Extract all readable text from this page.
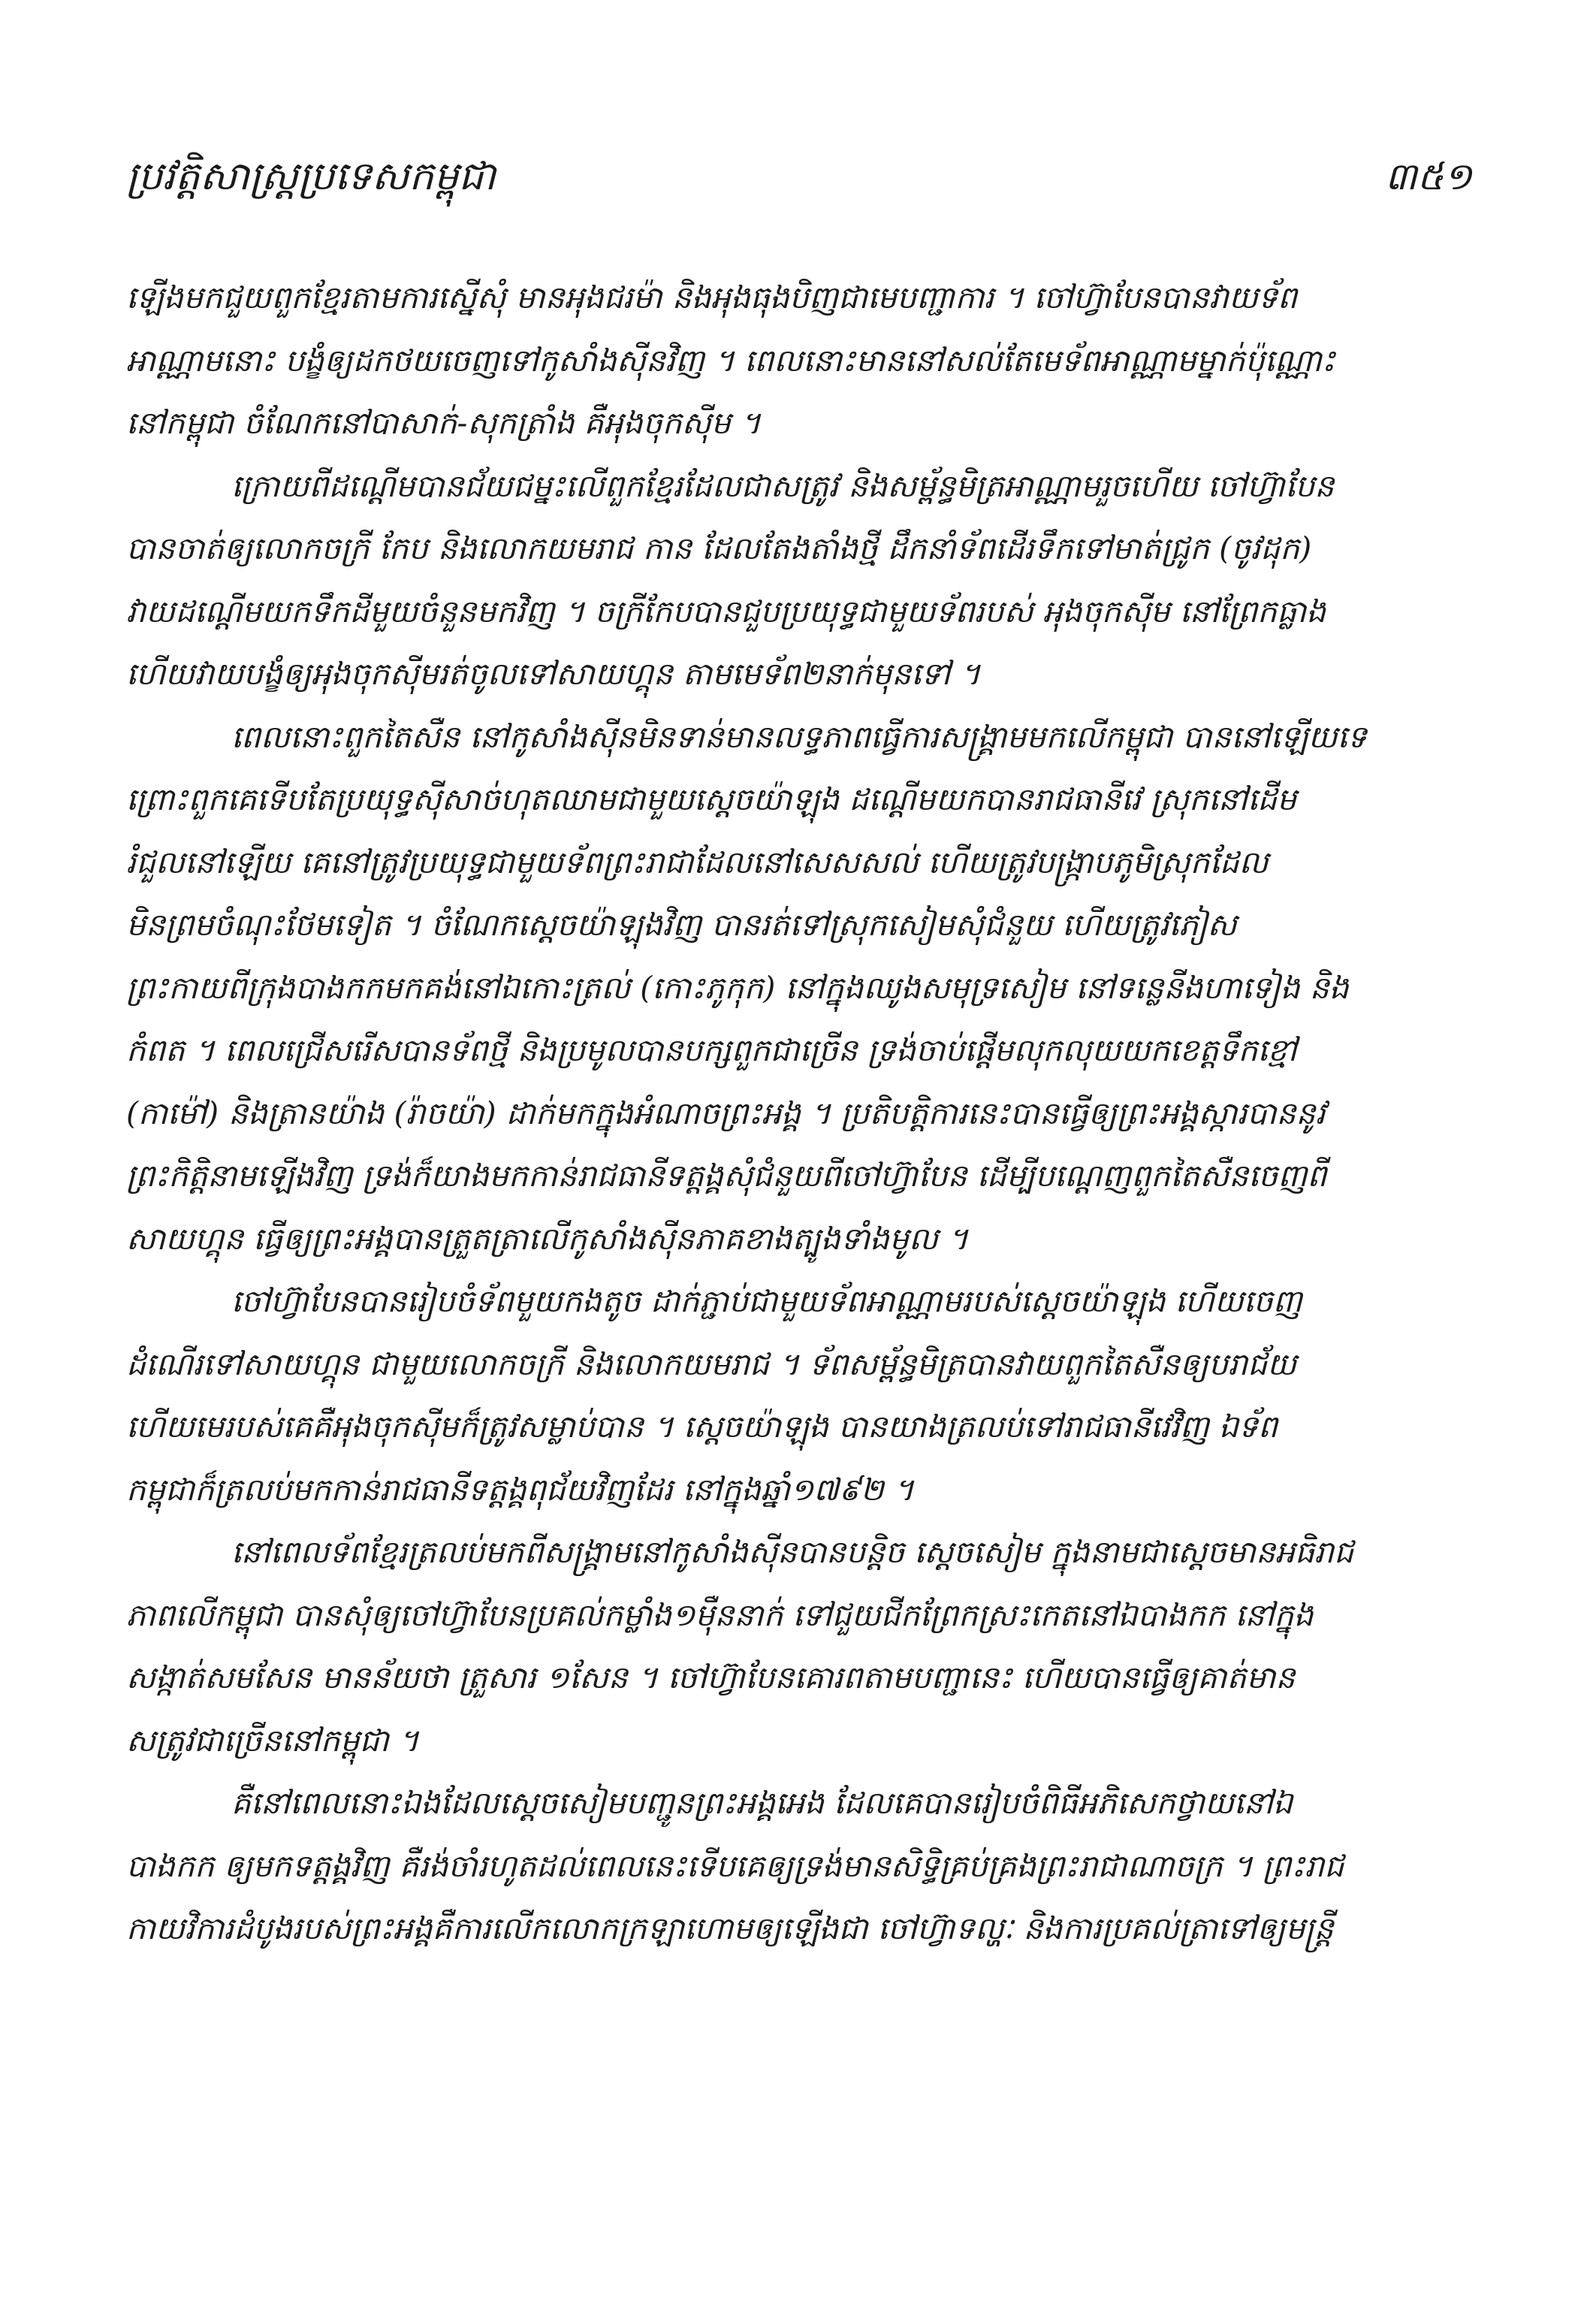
ប្រវត្តិសាស្ត្រប្រទេសកម្ពុជា	៣៥១
ឡើងមកជួយពួកខ្មែរតាមការស្នើសុំ មានអុងជរម៉ា និងអុងធុងបិញជាមេបញ្ជាការ ។ ចៅហ៊្វាបែនបានវាយទ័ព
អាណ្ណាមនោះ បង្ខំឲ្យដកថយចេញទៅកូសាំងស៊ីនវិញ ។ ពេលនោះមាននៅសល់តែមេទ័ពអាណ្ណាមម្នាក់ប៉ុណ្ណោះ
នៅកម្ពុជា ចំណែកនៅបាសាក់-សុកត្រាំង គឺអុងចុកស៊ីម ។
ក្រោយពីដណ្តើមបានជ័យជម្នះលើពួកខ្មែរដែលជាសត្រូវ និងសម្ព័ន្ធមិត្រអាណ្ណាមរួចហើយ ចៅហ៊្វាបែន
បានចាត់ឲ្យលោកចក្រី កែប និងលោកយមរាជ កាន ដែលតែងតាំងថ្មី ដឹកនាំទ័ពដើរទឹកទៅមាត់ជ្រូក (ចូវដុក)
វាយដណ្តើមយកទឹកដីមួយចំនួនមកវិញ ។ ចក្រីកែបបានជួបប្រយុទ្ធជាមួយទ័ពរបស់ អុងចុកស៊ីម នៅព្រែកធ្លាង
ហើយវាយបង្ខំឲ្យអុងចុកស៊ីមរត់ចូលទៅសាយហ្គុន តាមមេទ័ព២នាក់មុនទៅ ។
ពេលនោះពួកតៃសឺន នៅកូសាំងស៊ីនមិនទាន់មានលទ្ធភាពធ្វើការសង្គ្រាមមកលើកម្ពុជា បាននៅឡើយទេ
ព្រោះពួកគេទើបតែប្រយុទ្ធស៊ីសាច់ហុតឈាមជាមួយស្តេចយ៉ាឡុង ដណ្តើមយកបានរាជធានីវេ ស្រុកនៅដើម
រំជួលនៅឡើយ គេនៅត្រូវប្រយុទ្ធជាមួយទ័ពព្រះរាជាដែលនៅសេសសល់ ហើយត្រូវបង្ក្រាបភូមិស្រុកដែល
មិនព្រមចំណុះថែមទៀត ។ ចំណែកស្តេចយ៉ាឡុងវិញ បានរត់ទៅស្រុកសៀមសុំជំនួយ ហើយត្រូវភៀស
ព្រះកាយពីក្រុងបាងកកមកគង់នៅឯកោះត្រល់ (កោះភូកុក) នៅក្នុងឈូងសមុទ្រសៀម នៅទន្លេនីងហាទៀង និង
កំពត ។ ពេលជ្រើសរើសបានទ័ពថ្មី និងប្រមូលបានបក្សពួកជាច្រើន ទ្រង់ចាប់ផ្តើមលុកលុយយកខេត្តទឹកខ្មៅ
(កាម៉ៅ) និងត្រានយ៉ាង (រ៉ាចយ៉ា) ដាក់មកក្នុងអំណាចព្រះអង្គ ។ ប្រតិបត្តិការនេះបានធ្វើឲ្យព្រះអង្គស្ការបាននូវ
ព្រះកិត្តិនាមឡើងវិញ ទ្រង់ក៏យាងមកកាន់រាជធានីទត្តង្គសុំជំនួយពីចៅហ៊្វាបែន ដើម្បីបណ្តេញពួកតៃសឺនចេញពី
សាយហ្គុន ធ្វើឲ្យព្រះអង្គបានត្រួតត្រាលើកូសាំងស៊ីនភាគខាងត្បូងទាំងមូល ។
ចៅហ៊្វាបែនបានរៀបចំទ័ពមួយកងតូច ដាក់ភ្ជាប់ជាមួយទ័ពអាណ្ណាមរបស់ស្តេចយ៉ាឡុង ហើយចេញ
ដំណើរទៅសាយហ្គុន ជាមួយលោកចក្រី និងលោកយមរាជ ។ ទ័ពសម្ព័ន្ធមិត្របានវាយពួកតៃសឺនឲ្យបរាជ័យ
ហើយមេរបស់គេគឺអុងចុកស៊ីមក៏ត្រូវសម្លាប់បាន ។ ស្តេចយ៉ាឡុង បានយាងត្រលប់ទៅរាជធានីវេវិញ ឯទ័ព
កម្ពុជាក៏ត្រលប់មកកាន់រាជធានីទត្តង្គពុជ័យវិញដែរ នៅក្នុងឆ្នាំ១៧៩២ ។
នៅពេលទ័ពខ្មែរត្រលប់មកពីសង្គ្រាមនៅកូសាំងស៊ីនបានបន្តិច ស្តេចសៀម ក្នុងនាមជាស្តេចមានអធិរាជ
ភាពលើកម្ពុជា បានសុំឲ្យចៅហ៊្វាបែនប្រគល់កម្លាំង១ម៉ឺននាក់ ទៅជួយជីកព្រែកស្រះកេតនៅឯបាងកក នៅក្នុង
សង្កាត់សមសែន មានន័យថា ត្រួសារ ១សែន ។ ចៅហ៊្វាបែនគោរពតាមបញ្ជានេះ ហើយបានធ្វើឲ្យគាត់មាន
សត្រូវជាច្រើននៅកម្ពុជា ។
គឺនៅពេលនោះឯងដែលស្តេចសៀមបញ្ជូនព្រះអង្គអេង ដែលគេបានរៀបចំពិធីអភិសេកថ្វាយនៅឯ
បាងកក ឲ្យមកទត្តង្គវិញ គឺរង់ចាំរហូតដល់ពេលនេះទើបគេឲ្យទ្រង់មានសិទ្ធិគ្រប់គ្រងព្រះរាជាណាចក្រ ។ ព្រះរាជ
កាយវិការដំបូងរបស់ព្រះអង្គគឺការលើកលោកក្រឡាហោមឲ្យឡើងជា ចៅហ៊្វាទល្ហៈ និងការប្រគល់ត្រាទៅឲ្យមន្ត្រី
